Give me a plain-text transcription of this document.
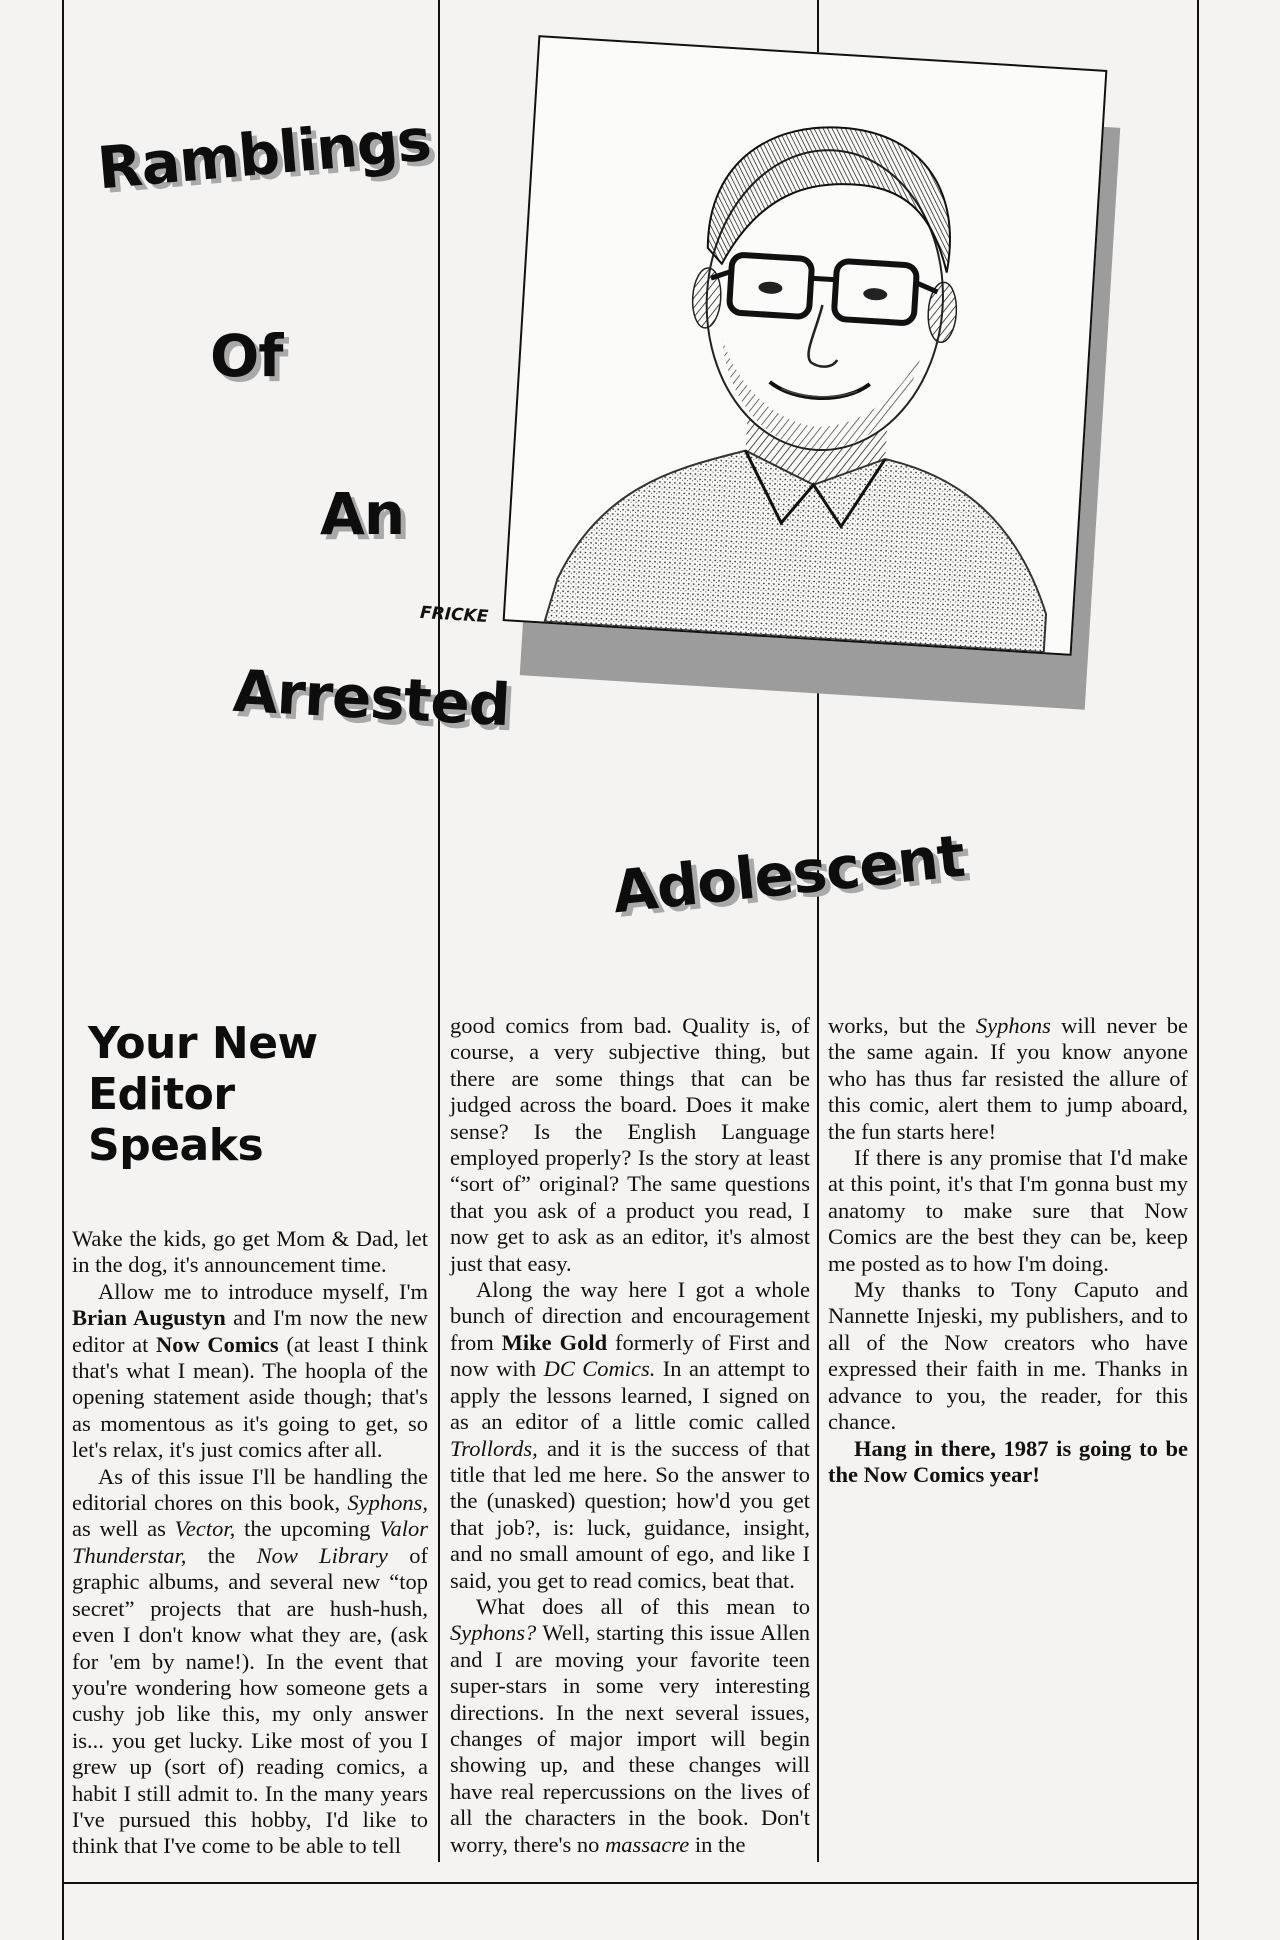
FRICKE
Ramblings
Of
An
Arrested
Adolescent
Your New
Editor
Speaks

Wake the kids, go get Mom & Dad, let in the dog, it's announcement time.

Allow me to introduce myself, I'm Brian Augustyn and I'm now the new editor at Now Comics (at least I think that's what I mean). The hoopla of the opening statement aside though; that's as momentous as it's going to get, so let's relax, it's just comics after all.

As of this issue I'll be handling the editorial chores on this book, Syphons, as well as Vector, the upcoming Valor Thunderstar, the Now Library of graphic albums, and several new “top secret” projects that are hush-hush, even I don't know what they are, (ask for 'em by name!). In the event that you're wondering how someone gets a cushy job like this, my only answer is... you get lucky. Like most of you I grew up (sort of) reading comics, a habit I still admit to. In the many years I've pursued this hobby, I'd like to think that I've come to be able to tell

good comics from bad. Quality is, of course, a very subjective thing, but there are some things that can be judged across the board. Does it make sense? Is the English Language employed properly? Is the story at least “sort of” original? The same questions that you ask of a product you read, I now get to ask as an editor, it's almost just that easy.

Along the way here I got a whole bunch of direction and encouragement from Mike Gold formerly of First and now with DC Comics. In an attempt to apply the lessons learned, I signed on as an editor of a little comic called Trollords, and it is the success of that title that led me here. So the answer to the (unasked) question; how'd you get that job?, is: luck, guidance, insight, and no small amount of ego, and like I said, you get to read comics, beat that.

What does all of this mean to Syphons? Well, starting this issue Allen and I are moving your favorite teen super-stars in some very interesting directions. In the next several issues, changes of major import will begin showing up, and these changes will have real repercussions on the lives of all the characters in the book. Don't worry, there's no massacre in the

works, but the Syphons will never be the same again. If you know anyone who has thus far resisted the allure of this comic, alert them to jump aboard, the fun starts here!

If there is any promise that I'd make at this point, it's that I'm gonna bust my anatomy to make sure that Now Comics are the best they can be, keep me posted as to how I'm doing.

My thanks to Tony Caputo and Nannette Injeski, my publishers, and to all of the Now creators who have expressed their faith in me. Thanks in advance to you, the reader, for this chance.

Hang in there, 1987 is going to be the Now Comics year!
